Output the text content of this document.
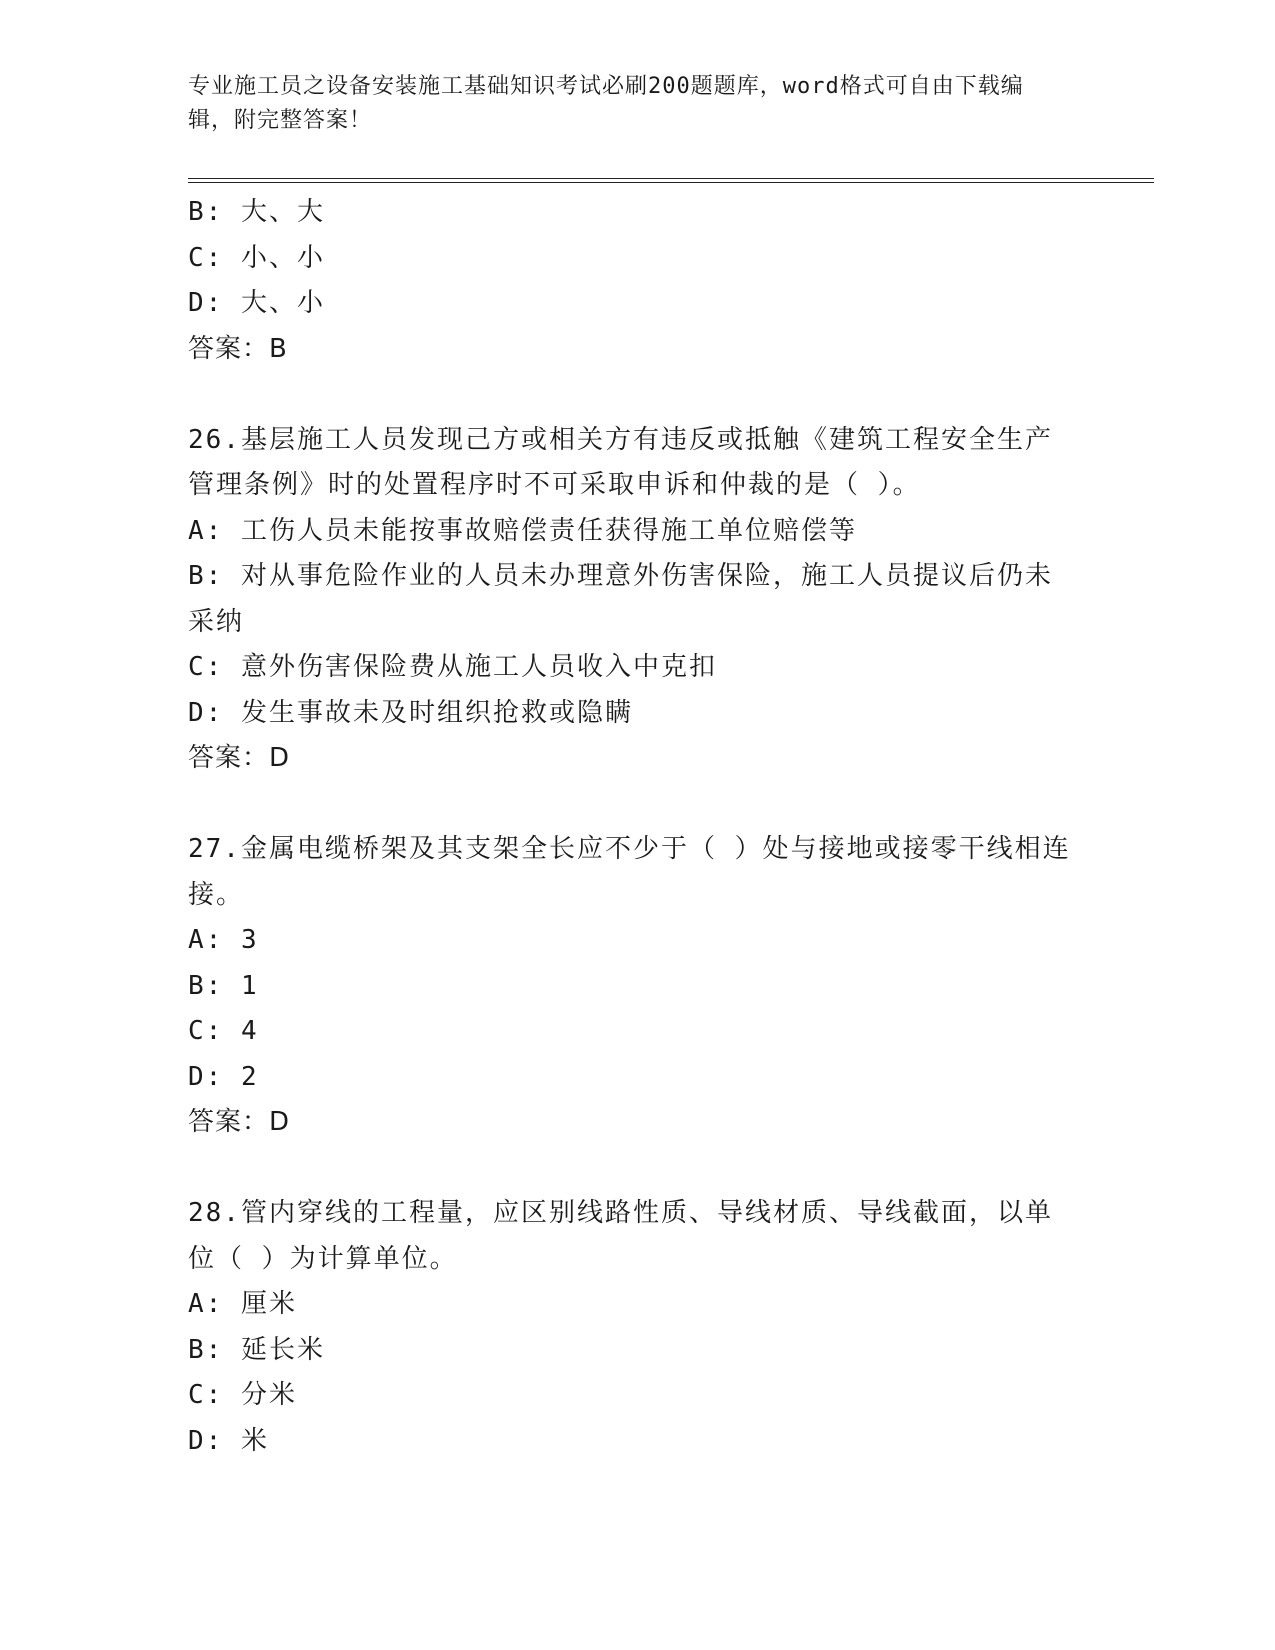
专业施工员之设备安装施工基础知识考试必刷200题题库，word格式可自由下载编辑，附完整答案！
B: 大、大
C: 小、小
D: 大、小
答案：B
26.基层施工人员发现己方或相关方有违反或抵触《建筑工程安全生产管理条例》时的处置程序时不可采取申诉和仲裁的是（ ）。
A: 工伤人员未能按事故赔偿责任获得施工单位赔偿等
B: 对从事危险作业的人员未办理意外伤害保险，施工人员提议后仍未采纳
C: 意外伤害保险费从施工人员收入中克扣
D: 发生事故未及时组织抢救或隐瞒
答案：D
27.金属电缆桥架及其支架全长应不少于（ ）处与接地或接零干线相连接。
A: 3
B: 1
C: 4
D: 2
答案：D
28.管内穿线的工程量，应区别线路性质、导线材质、导线截面，以单位（ ）为计算单位。
A: 厘米
B: 延长米
C: 分米
D: 米
